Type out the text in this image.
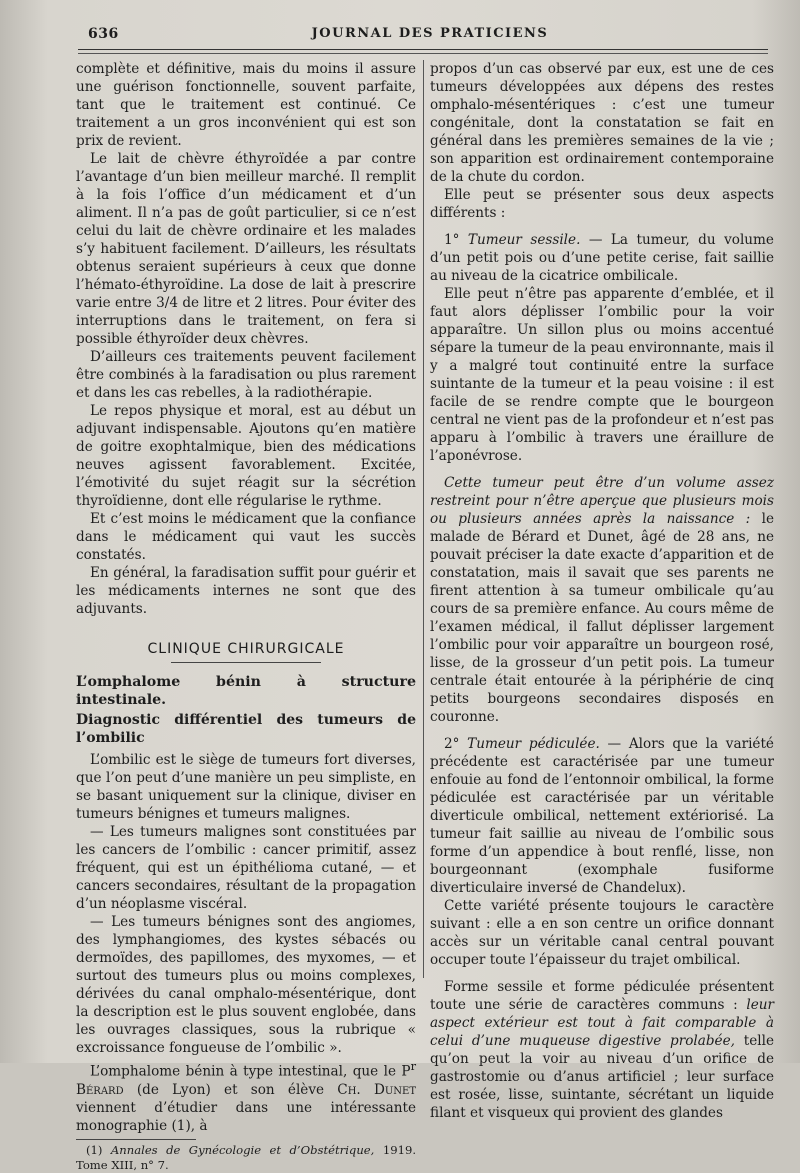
636	JOURNAL DES PRATICIENS

complète et définitive, mais du moins il assure une guérison fonctionnelle, souvent parfaite, tant que le traitement est continué. Ce traitement a un gros inconvénient qui est son prix de revient.

Le lait de chèvre éthyroïdée a par contre l’avantage d’un bien meilleur marché. Il remplit à la fois l’office d’un médicament et d’un aliment. Il n’a pas de goût particulier, si ce n’est celui du lait de chèvre ordinaire et les malades s’y habituent facilement. D’ailleurs, les résultats obtenus seraient supérieurs à ceux que donne l’hémato-éthyroïdine. La dose de lait à prescrire varie entre 3/4 de litre et 2 litres. Pour éviter des interruptions dans le traitement, on fera si possible éthyroïder deux chèvres.

D’ailleurs ces traitements peuvent facilement être combinés à la faradisation ou plus rarement et dans les cas rebelles, à la radiothérapie.

Le repos physique et moral, est au début un adjuvant indispensable. Ajoutons qu’en matière de goitre exophtalmique, bien des médications neuves agissent favorablement. Excitée, l’émotivité du sujet réagit sur la sécrétion thyroïdienne, dont elle régularise le rythme.

Et c’est moins le médicament que la confiance dans le médicament qui vaut les succès constatés.

En général, la faradisation suffit pour guérir et les médicaments internes ne sont que des adjuvants.

CLINIQUE CHIRURGICALE
L’omphalome bénin à structure intestinale.
Diagnostic différentiel des tumeurs de l’ombilic

L’ombilic est le siège de tumeurs fort diverses, que l’on peut d’une manière un peu simpliste, en se basant uniquement sur la clinique, diviser en tumeurs bénignes et tumeurs malignes.

— Les tumeurs malignes sont constituées par les cancers de l’ombilic : cancer primitif, assez fréquent, qui est un épithélioma cutané, — et cancers secondaires, résultant de la propagation d’un néoplasme viscéral.

— Les tumeurs bénignes sont des angiomes, des lymphangiomes, des kystes sébacés ou dermoïdes, des papillomes, des myxomes, — et surtout des tumeurs plus ou moins complexes, dérivées du canal omphalo-mésentérique, dont la description est le plus souvent englobée, dans les ouvrages classiques, sous la rubrique « excroissance fongueuse de l’ombilic ».

L’omphalome bénin à type intestinal, que le $P^r$ Bérard (de Lyon) et son élève Ch. Dunet viennent d’étudier dans une intéressante monographie (1), à

(1) Annales de Gynécologie et d’Obstétrique, 1919. Tome XIII, n° 7.

propos d’un cas observé par eux, est une de ces tumeurs développées aux dépens des restes omphalo-mésentériques : c’est une tumeur congénitale, dont la constatation se fait en général dans les premières semaines de la vie ; son apparition est ordinairement contemporaine de la chute du cordon.

Elle peut se présenter sous deux aspects différents :

1° Tumeur sessile. — La tumeur, du volume d’un petit pois ou d’une petite cerise, fait saillie au niveau de la cicatrice ombilicale.

Elle peut n’être pas apparente d’emblée, et il faut alors déplisser l’ombilic pour la voir apparaître. Un sillon plus ou moins accentué sépare la tumeur de la peau environnante, mais il y a malgré tout continuité entre la surface suintante de la tumeur et la peau voisine : il est facile de se rendre compte que le bourgeon central ne vient pas de la profondeur et n’est pas apparu à l’ombilic à travers une éraillure de l’aponévrose.

Cette tumeur peut être d’un volume assez restreint pour n’être aperçue que plusieurs mois ou plusieurs années après la naissance : le malade de Bérard et Dunet, âgé de 28 ans, ne pouvait préciser la date exacte d’apparition et de constatation, mais il savait que ses parents ne firent attention à sa tumeur ombilicale qu’au cours de sa première enfance. Au cours même de l’examen médical, il fallut déplisser largement l’ombilic pour voir apparaître un bourgeon rosé, lisse, de la grosseur d’un petit pois. La tumeur centrale était entourée à la périphérie de cinq petits bourgeons secondaires disposés en couronne.

2° Tumeur pédiculée. — Alors que la variété précédente est caractérisée par une tumeur enfouie au fond de l’entonnoir ombilical, la forme pédiculée est caractérisée par un véritable diverticule ombilical, nettement extériorisé. La tumeur fait saillie au niveau de l’ombilic sous forme d’un appendice à bout renflé, lisse, non bourgeonnant (exomphale fusiforme diverticulaire inversé de Chandelux).

Cette variété présente toujours le caractère suivant : elle a en son centre un orifice donnant accès sur un véritable canal central pouvant occuper toute l’épaisseur du trajet ombilical.

Forme sessile et forme pédiculée présentent toute une série de caractères communs : leur aspect extérieur est tout à fait comparable à celui d’une muqueuse digestive prolabée, telle qu’on peut la voir au niveau d’un orifice de gastrostomie ou d’anus artificiel ; leur surface est rosée, lisse, suintante, sécrétant un liquide filant et visqueux qui provient des glandes
